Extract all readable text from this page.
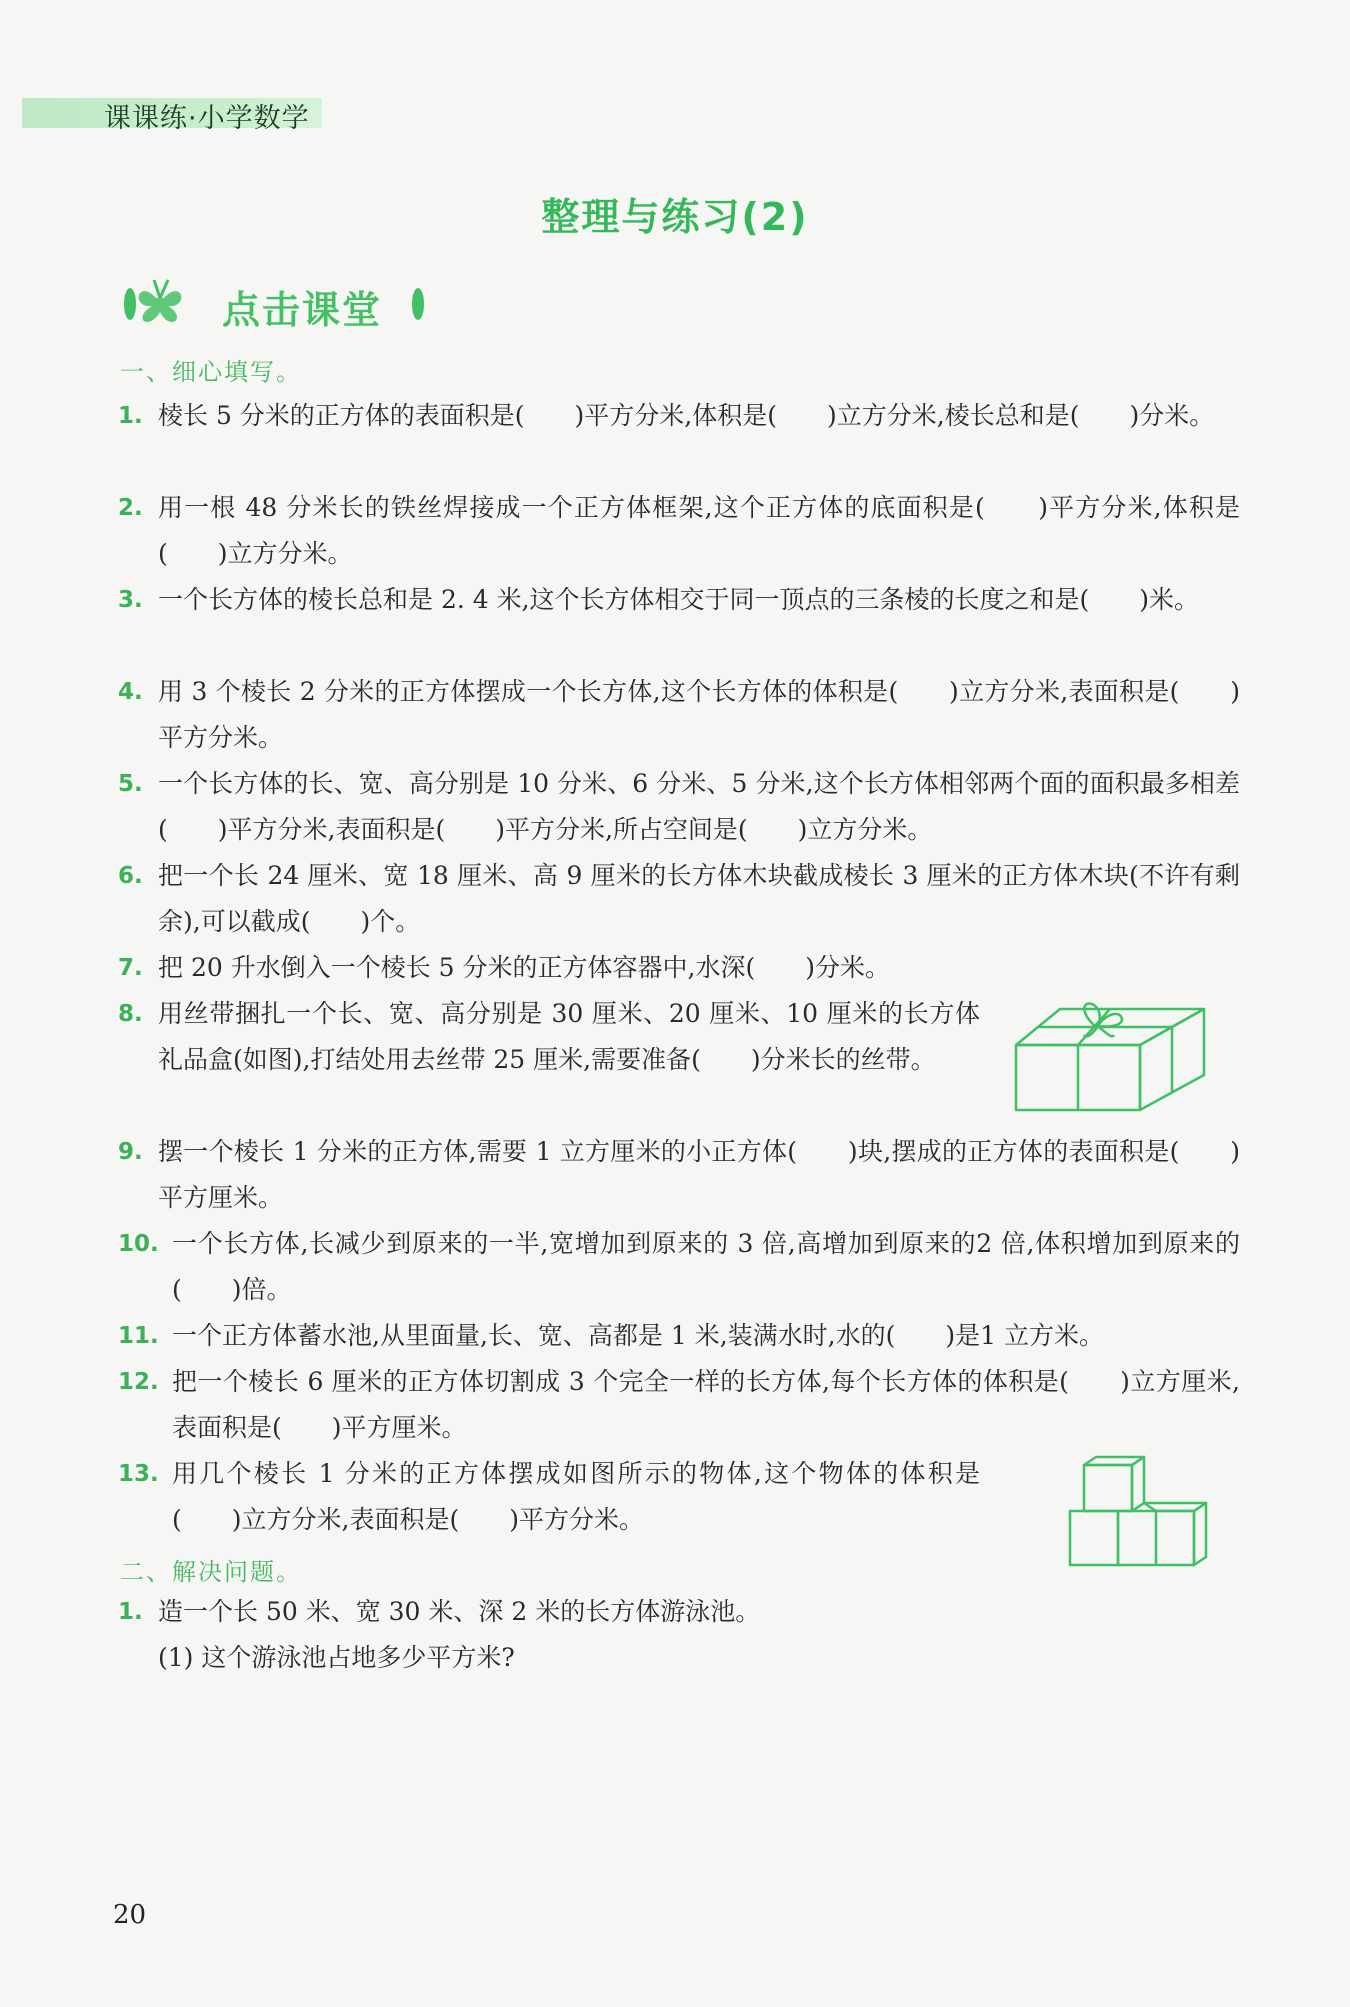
课课练·小学数学
整理与练习(2)
点击课堂
一、细心填写。
1. 棱长 5 分米的正方体的表面积是(　　)平方分米,体积是(　　)立方分米,棱长总和是(　　)分米。
2. 用一根 48 分米长的铁丝焊接成一个正方体框架,这个正方体的底面积是(　　)平方分米,体积是(　　)立方分米。
3. 一个长方体的棱长总和是 2. 4 米,这个长方体相交于同一顶点的三条棱的长度之和是(　　)米。
4. 用 3 个棱长 2 分米的正方体摆成一个长方体,这个长方体的体积是(　　)立方分米,表面积是(　　)平方分米。
5. 一个长方体的长、宽、高分别是 10 分米、6 分米、5 分米,这个长方体相邻两个面的面积最多相差(　　)平方分米,表面积是(　　)平方分米,所占空间是(　　)立方分米。
6. 把一个长 24 厘米、宽 18 厘米、高 9 厘米的长方体木块截成棱长 3 厘米的正方体木块(不许有剩余),可以截成(　　)个。
7. 把 20 升水倒入一个棱长 5 分米的正方体容器中,水深(　　)分米。
8. 用丝带捆扎一个长、宽、高分别是 30 厘米、20 厘米、10 厘米的长方体礼品盒(如图),打结处用去丝带 25 厘米,需要准备(　　)分米长的丝带。
9. 摆一个棱长 1 分米的正方体,需要 1 立方厘米的小正方体(　　)块,摆成的正方体的表面积是(　　)平方厘米。
10. 一个长方体,长减少到原来的一半,宽增加到原来的 3 倍,高增加到原来的2 倍,体积增加到原来的(　　)倍。
11. 一个正方体蓄水池,从里面量,长、宽、高都是 1 米,装满水时,水的(　　)是1 立方米。
12. 把一个棱长 6 厘米的正方体切割成 3 个完全一样的长方体,每个长方体的体积是(　　)立方厘米,表面积是(　　)平方厘米。
13. 用几个棱长 1 分米的正方体摆成如图所示的物体,这个物体的体积是(　　)立方分米,表面积是(　　)平方分米。
二、解决问题。
1. 造一个长 50 米、宽 30 米、深 2 米的长方体游泳池。
(1) 这个游泳池占地多少平方米?
20
